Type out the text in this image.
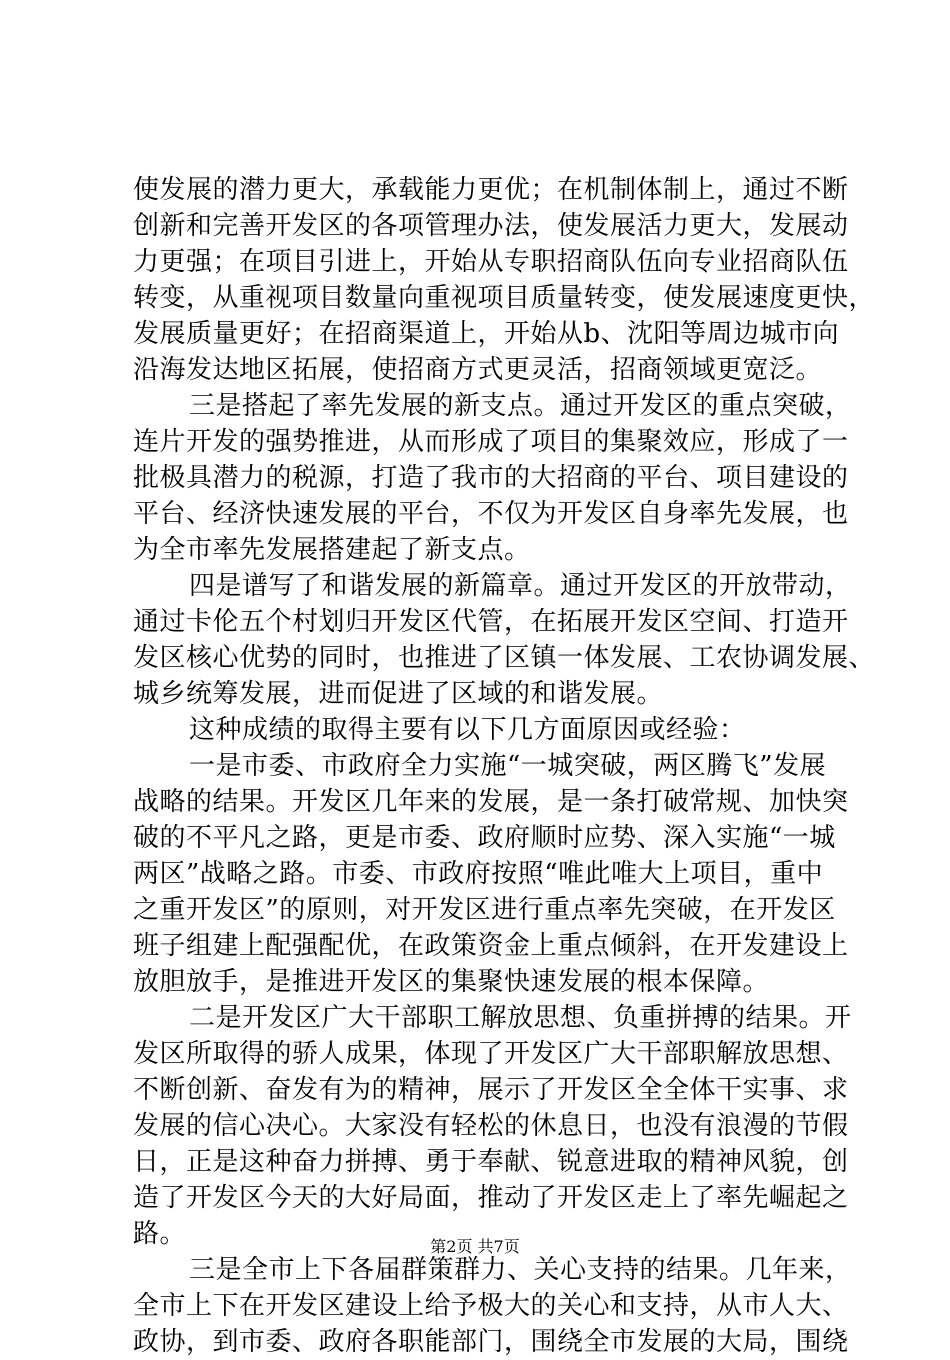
使发展的潜力更大，承载能力更优；在机制体制上，通过不断
创新和完善开发区的各项管理办法，使发展活力更大，发展动
力更强；在项目引进上，开始从专职招商队伍向专业招商队伍
转变，从重视项目数量向重视项目质量转变，使发展速度更快，
发展质量更好；在招商渠道上，开始从b、沈阳等周边城市向
沿海发达地区拓展，使招商方式更灵活，招商领域更宽泛。
三是搭起了率先发展的新支点。通过开发区的重点突破，
连片开发的强势推进，从而形成了项目的集聚效应，形成了一
批极具潜力的税源，打造了我市的大招商的平台、项目建设的
平台、经济快速发展的平台，不仅为开发区自身率先发展，也
为全市率先发展搭建起了新支点。
四是谱写了和谐发展的新篇章。通过开发区的开放带动，
通过卡伦五个村划归开发区代管，在拓展开发区空间、打造开
发区核心优势的同时，也推进了区镇一体发展、工农协调发展、
城乡统筹发展，进而促进了区域的和谐发展。
这种成绩的取得主要有以下几方面原因或经验：
一是市委、市政府全力实施“一城突破，两区腾飞”发展
战略的结果。开发区几年来的发展，是一条打破常规、加快突
破的不平凡之路，更是市委、政府顺时应势、深入实施“一城
两区”战略之路。市委、市政府按照“唯此唯大上项目，重中
之重开发区”的原则，对开发区进行重点率先突破，在开发区
班子组建上配强配优，在政策资金上重点倾斜，在开发建设上
放胆放手，是推进开发区的集聚快速发展的根本保障。
二是开发区广大干部职工解放思想、负重拼搏的结果。开
发区所取得的骄人成果，体现了开发区广大干部职解放思想、
不断创新、奋发有为的精神，展示了开发区全全体干实事、求
发展的信心决心。大家没有轻松的休息日，也没有浪漫的节假
日，正是这种奋力拼搏、勇于奉献、锐意进取的精神风貌，创
造了开发区今天的大好局面，推动了开发区走上了率先崛起之
路。
三是全市上下各届群策群力、关心支持的结果。几年来，
全市上下在开发区建设上给予极大的关心和支持，从市人大、
政协，到市委、政府各职能部门，围绕全市发展的大局，围绕
第2页 共7页
